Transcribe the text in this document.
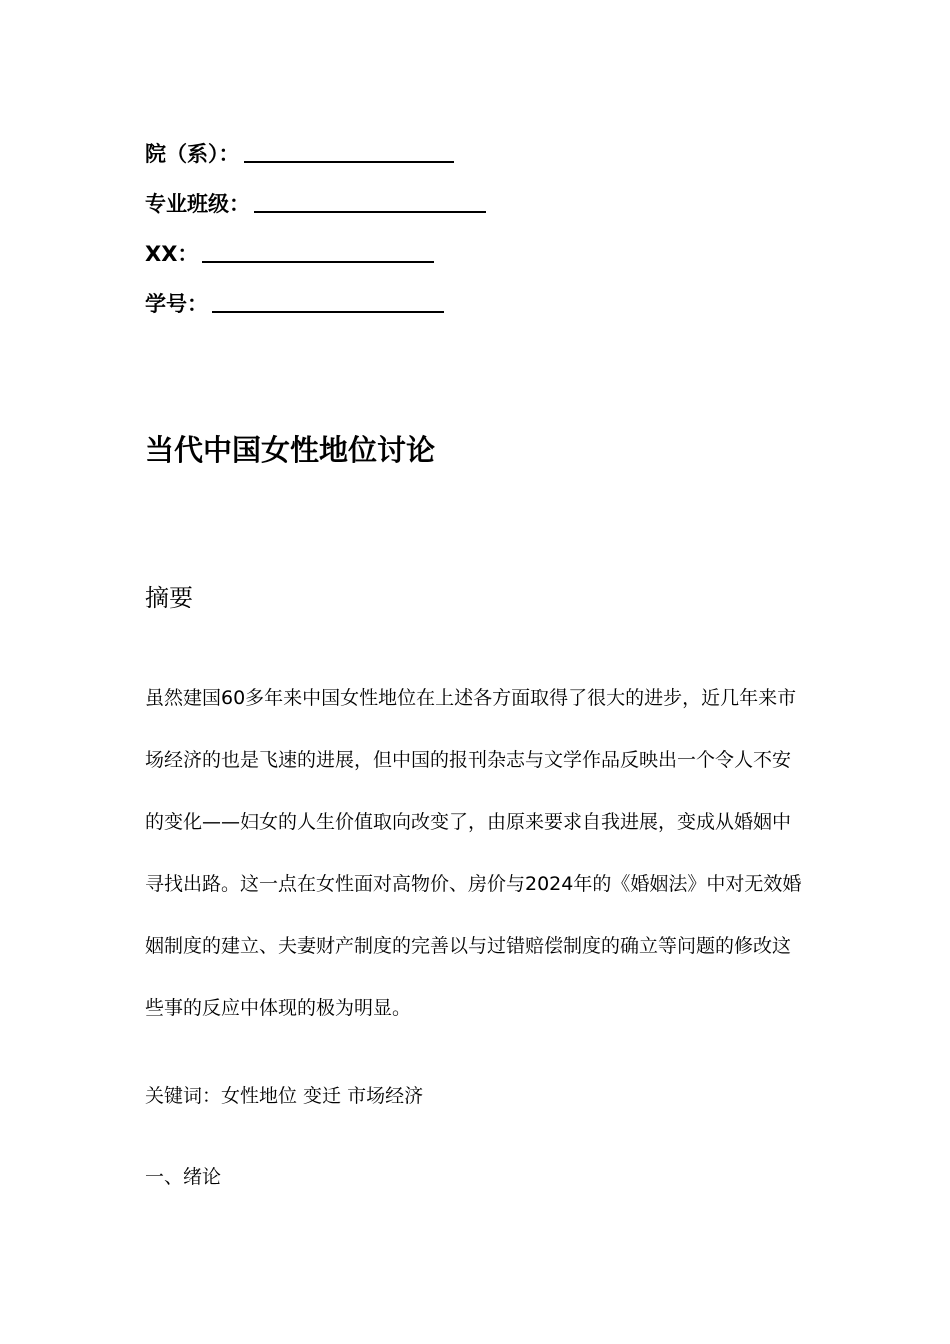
院（系）：
专业班级：
XX：
学号：
当代中国女性地位讨论
摘要
虽然建国60多年来中国女性地位在上述各方面取得了很大的进步，近几年来市
场经济的也是飞速的进展，但中国的报刊杂志与文学作品反映出一个令人不安
的变化——妇女的人生价值取向改变了，由原来要求自我进展，变成从婚姻中
寻找出路。这一点在女性面对高物价、房价与2024年的《婚姻法》中对无效婚
姻制度的建立、夫妻财产制度的完善以与过错赔偿制度的确立等问题的修改这
些事的反应中体现的极为明显。
关键词：女性地位 变迁 市场经济
一、绪论
